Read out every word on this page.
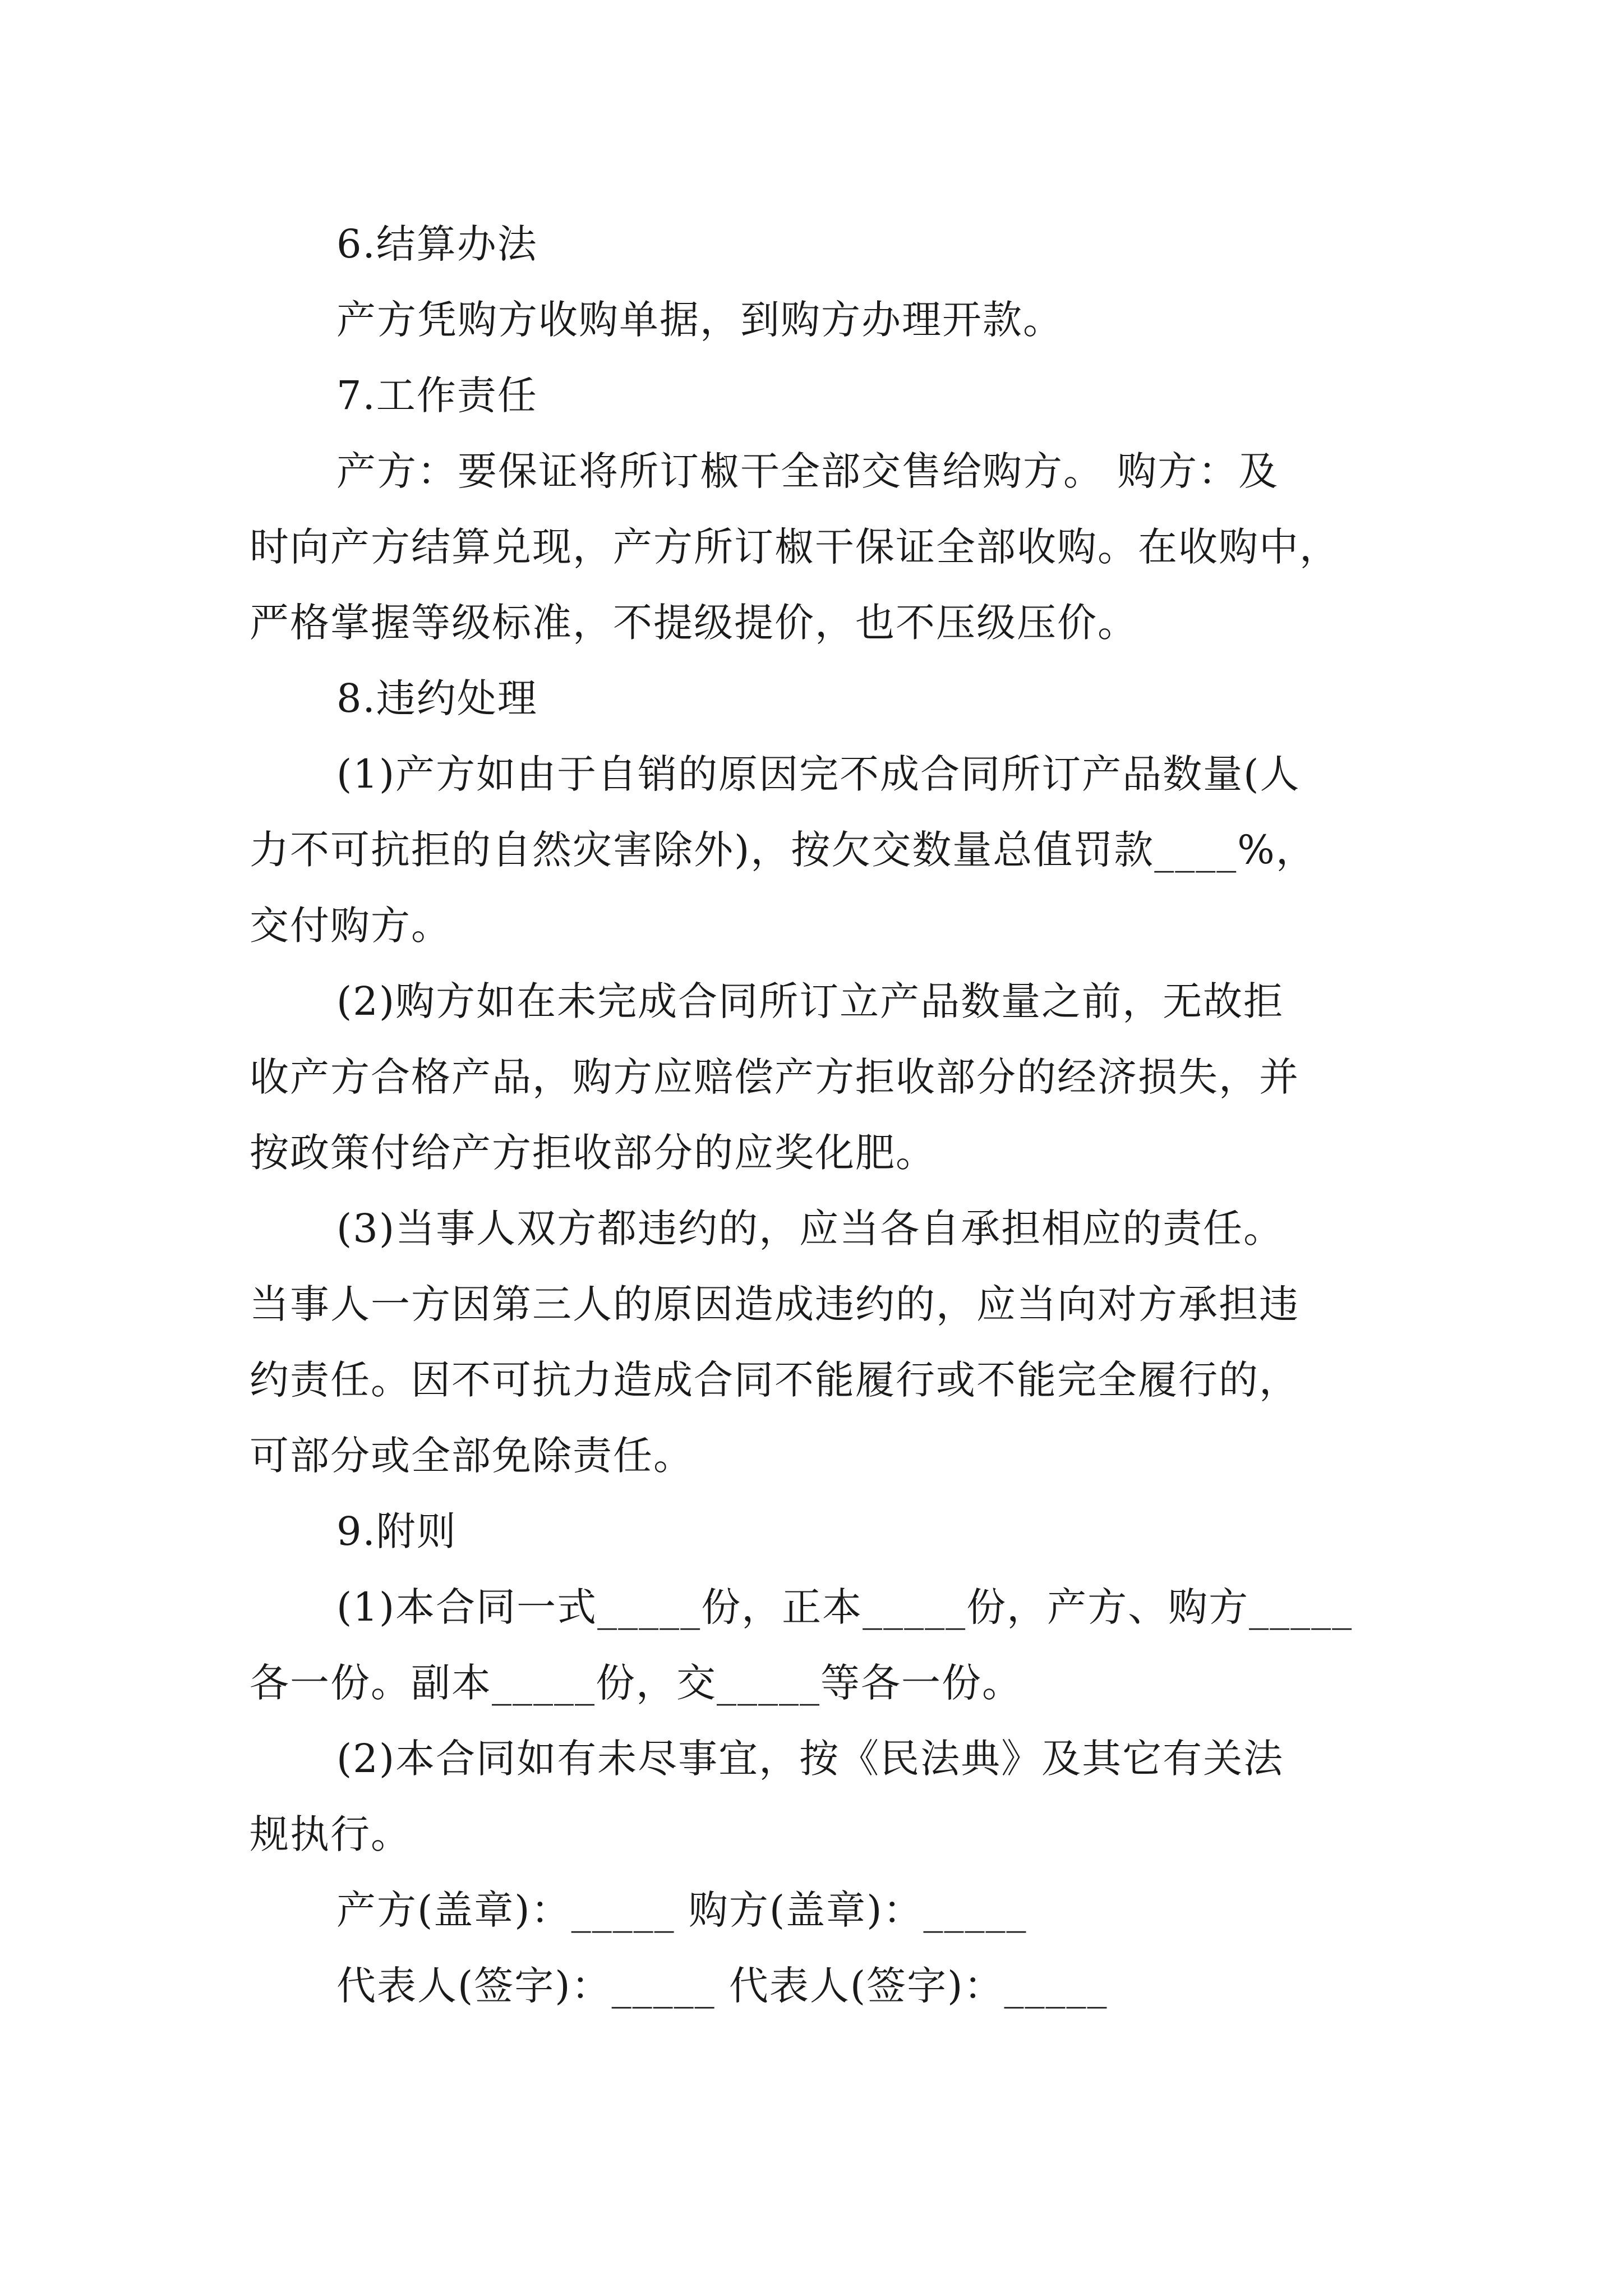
6.结算办法
产方凭购方收购单据，到购方办理开款。
7.工作责任
产方：要保证将所订椒干全部交售给购方。 购方：及
时向产方结算兑现，产方所订椒干保证全部收购。在收购中，
严格掌握等级标准，不提级提价，也不压级压价。
8.违约处理
(1)产方如由于自销的原因完不成合同所订产品数量(人
力不可抗拒的自然灾害除外)，按欠交数量总值罚款____%，
交付购方。
(2)购方如在未完成合同所订立产品数量之前，无故拒
收产方合格产品，购方应赔偿产方拒收部分的经济损失，并
按政策付给产方拒收部分的应奖化肥。
(3)当事人双方都违约的，应当各自承担相应的责任。
当事人一方因第三人的原因造成违约的，应当向对方承担违
约责任。因不可抗力造成合同不能履行或不能完全履行的，
可部分或全部免除责任。
9.附则
(1)本合同一式_____份，正本_____份，产方、购方_____
各一份。副本_____份，交_____等各一份。
(2)本合同如有未尽事宜，按《民法典》及其它有关法
规执行。
产方(盖章)：_____ 购方(盖章)：_____
代表人(签字)：_____ 代表人(签字)：_____
